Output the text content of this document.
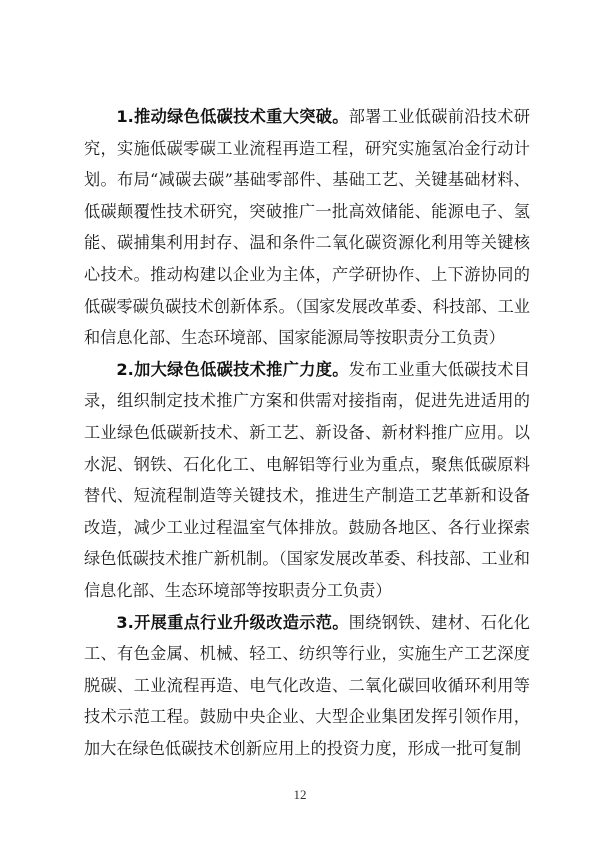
1.推动绿色低碳技术重大突破。部署工业低碳前沿技术研究，实施低碳零碳工业流程再造工程，研究实施氢冶金行动计划。布局“减碳去碳”基础零部件、基础工艺、关键基础材料、低碳颠覆性技术研究，突破推广一批高效储能、能源电子、氢能、碳捕集利用封存、温和条件二氧化碳资源化利用等关键核心技术。推动构建以企业为主体，产学研协作、上下游协同的低碳零碳负碳技术创新体系。（国家发展改革委、科技部、工业和信息化部、生态环境部、国家能源局等按职责分工负责）

2.加大绿色低碳技术推广力度。发布工业重大低碳技术目录，组织制定技术推广方案和供需对接指南，促进先进适用的工业绿色低碳新技术、新工艺、新设备、新材料推广应用。以水泥、钢铁、石化化工、电解铝等行业为重点，聚焦低碳原料替代、短流程制造等关键技术，推进生产制造工艺革新和设备改造，减少工业过程温室气体排放。鼓励各地区、各行业探索绿色低碳技术推广新机制。（国家发展改革委、科技部、工业和信息化部、生态环境部等按职责分工负责）

3.开展重点行业升级改造示范。围绕钢铁、建材、石化化工、有色金属、机械、轻工、纺织等行业，实施生产工艺深度脱碳、工业流程再造、电气化改造、二氧化碳回收循环利用等技术示范工程。鼓励中央企业、大型企业集团发挥引领作用，加大在绿色低碳技术创新应用上的投资力度，形成一批可复制

12
